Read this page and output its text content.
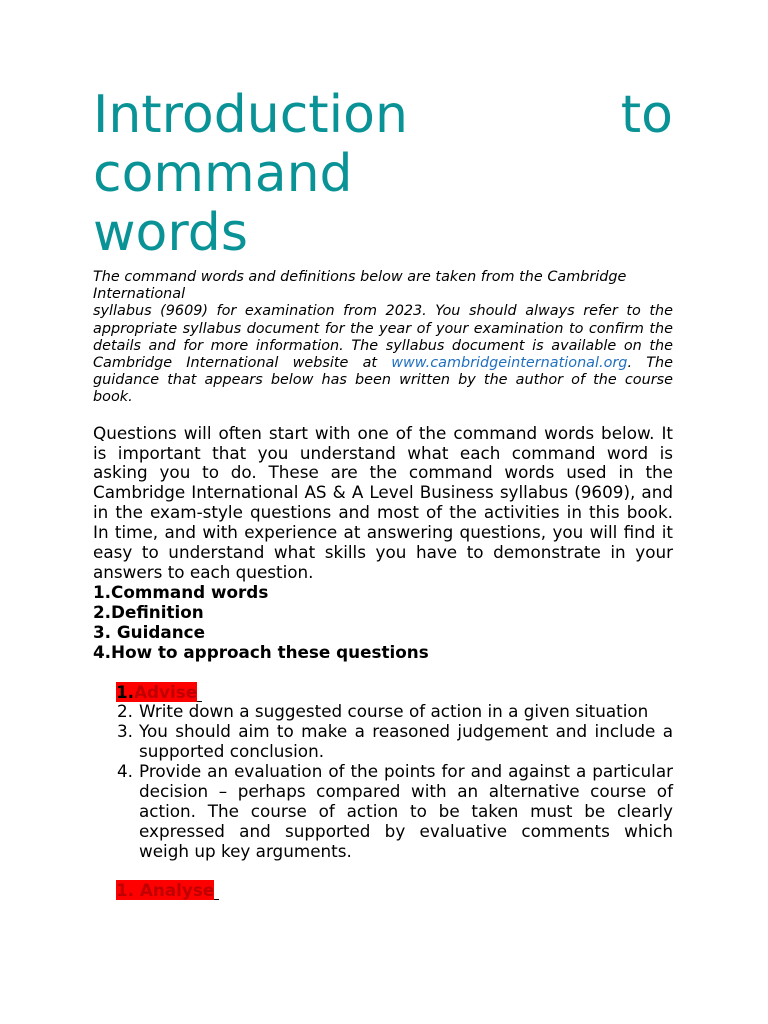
Introduction	to
command
words
The command words and definitions below are taken from the Cambridge International
syllabus (9609) for examination from 2023. You should always refer to the appropriate syllabus document for the year of your examination to confirm the details and for more information. The syllabus document is available on the Cambridge International website at www.cambridgeinternational.org. The guidance that appears below has been written by the author of the course book.
Questions will often start with one of the command words below. It is important that you understand what each command word is asking you to do. These are the command words used in the Cambridge International AS & A Level Business syllabus (9609), and in the exam-style questions and most of the activities in this book. In time, and with experience at answering questions, you will find it easy to understand what skills you have to demonstrate in your answers to each question.
1.Command words
2.Definition
3. Guidance
4.How to approach these questions
1.Advise
2. Write down a suggested course of action in a given situation
3. You should aim to make a reasoned judgement and include a supported conclusion.
4. Provide an evaluation of the points for and against a particular decision – perhaps compared with an alternative course of action. The course of action to be taken must be clearly expressed and supported by evaluative comments which weigh up key arguments.
1. Analyse
